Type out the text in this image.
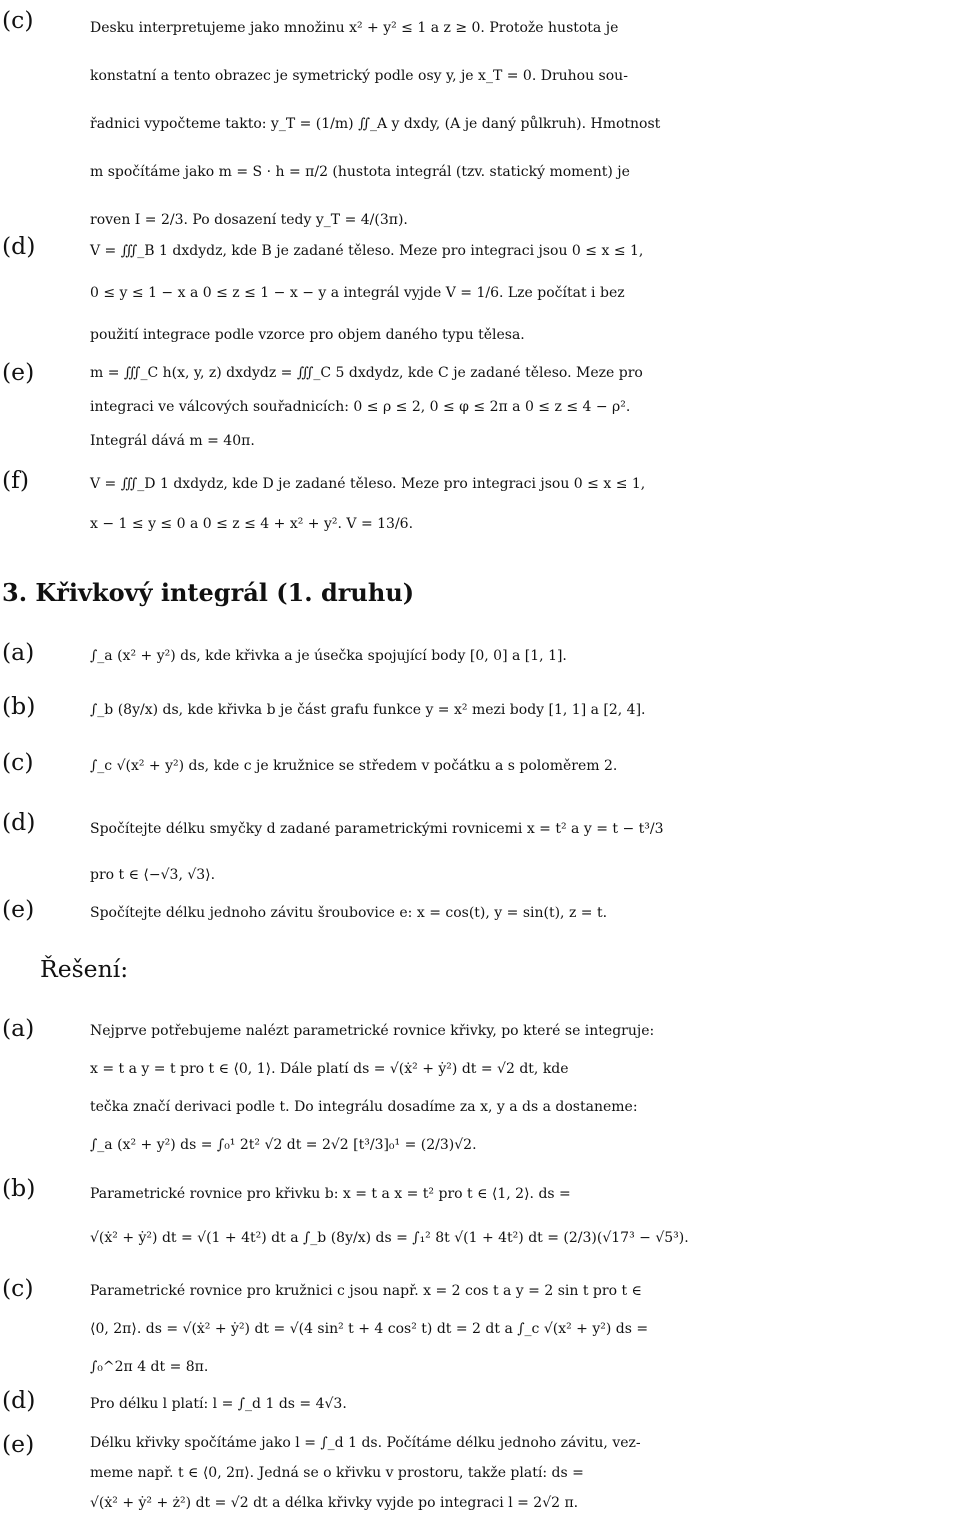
(c)	Desku interpretujeme jako množinu x² + y² ≤ 1 a z ≥ 0. Protože hustota je
konstatní a tento obrazec je symetrický podle osy y, je x_T = 0. Druhou sou-
řadnici vypočteme takto: y_T = (1/m) ∬_A y dxdy, (A je daný půlkruh). Hmotnost
m spočítáme jako m = S · h = π/2 (hustota integrál (tzv. statický moment) je
roven I = 2/3. Po dosazení tedy y_T = 4/(3π).
(d)	V = ∭_B 1 dxdydz, kde B je zadané těleso. Meze pro integraci jsou 0 ≤ x ≤ 1,
0 ≤ y ≤ 1 − x a 0 ≤ z ≤ 1 − x − y a integrál vyjde V = 1/6. Lze počítat i bez
použití integrace podle vzorce pro objem daného typu tělesa.
(e)	m = ∭_C h(x, y, z) dxdydz = ∭_C 5 dxdydz, kde C je zadané těleso. Meze pro
integraci ve válcových souřadnicích: 0 ≤ ρ ≤ 2, 0 ≤ φ ≤ 2π a 0 ≤ z ≤ 4 − ρ².
Integrál dává m = 40π.
(f)	V = ∭_D 1 dxdydz, kde D je zadané těleso. Meze pro integraci jsou 0 ≤ x ≤ 1,
x − 1 ≤ y ≤ 0 a 0 ≤ z ≤ 4 + x² + y². V = 13/6.
(a)	∫_a (x² + y²) ds, kde křivka a je úsečka spojující body [0, 0] a [1, 1].
(b)	∫_b (8y/x) ds, kde křivka b je část grafu funkce y = x² mezi body [1, 1] a [2, 4].
(c)	∫_c √(x² + y²) ds, kde c je kružnice se středem v počátku a s poloměrem 2.
(d)	Spočítejte délku smyčky d zadané parametrickými rovnicemi x = t² a y = t − t³/3
pro t ∈ ⟨−√3, √3⟩.
(e)	Spočítejte délku jednoho závitu šroubovice e: x = cos(t), y = sin(t), z = t.
(a)	Nejprve potřebujeme nalézt parametrické rovnice křivky, po které se integruje:
x = t a y = t pro t ∈ ⟨0, 1⟩. Dále platí ds = √(ẋ² + ẏ²) dt = √2 dt, kde
tečka značí derivaci podle t. Do integrálu dosadíme za x, y a ds a dostaneme:
∫_a (x² + y²) ds = ∫₀¹ 2t² √2 dt = 2√2 [t³/3]₀¹ = (2/3)√2.
(b)	Parametrické rovnice pro křivku b: x = t a x = t² pro t ∈ ⟨1, 2⟩. ds =
√(ẋ² + ẏ²) dt = √(1 + 4t²) dt a ∫_b (8y/x) ds = ∫₁² 8t √(1 + 4t²) dt = (2/3)(√17³ − √5³).
(c)	Parametrické rovnice pro kružnici c jsou např. x = 2 cos t a y = 2 sin t pro t ∈
⟨0, 2π⟩. ds = √(ẋ² + ẏ²) dt = √(4 sin² t + 4 cos² t) dt = 2 dt a ∫_c √(x² + y²) ds =
∫₀^2π 4 dt = 8π.
(d)	Pro délku l platí: l = ∫_d 1 ds = 4√3.
(e)	Délku křivky spočítáme jako l = ∫_d 1 ds. Počítáme délku jednoho závitu, vez-
meme např. t ∈ ⟨0, 2π⟩. Jedná se o křivku v prostoru, takže platí: ds =
√(ẋ² + ẏ² + ż²) dt = √2 dt a délka křivky vyjde po integraci l = 2√2 π.
3. Křivkový integrál (1. druhu)
Řešení:
